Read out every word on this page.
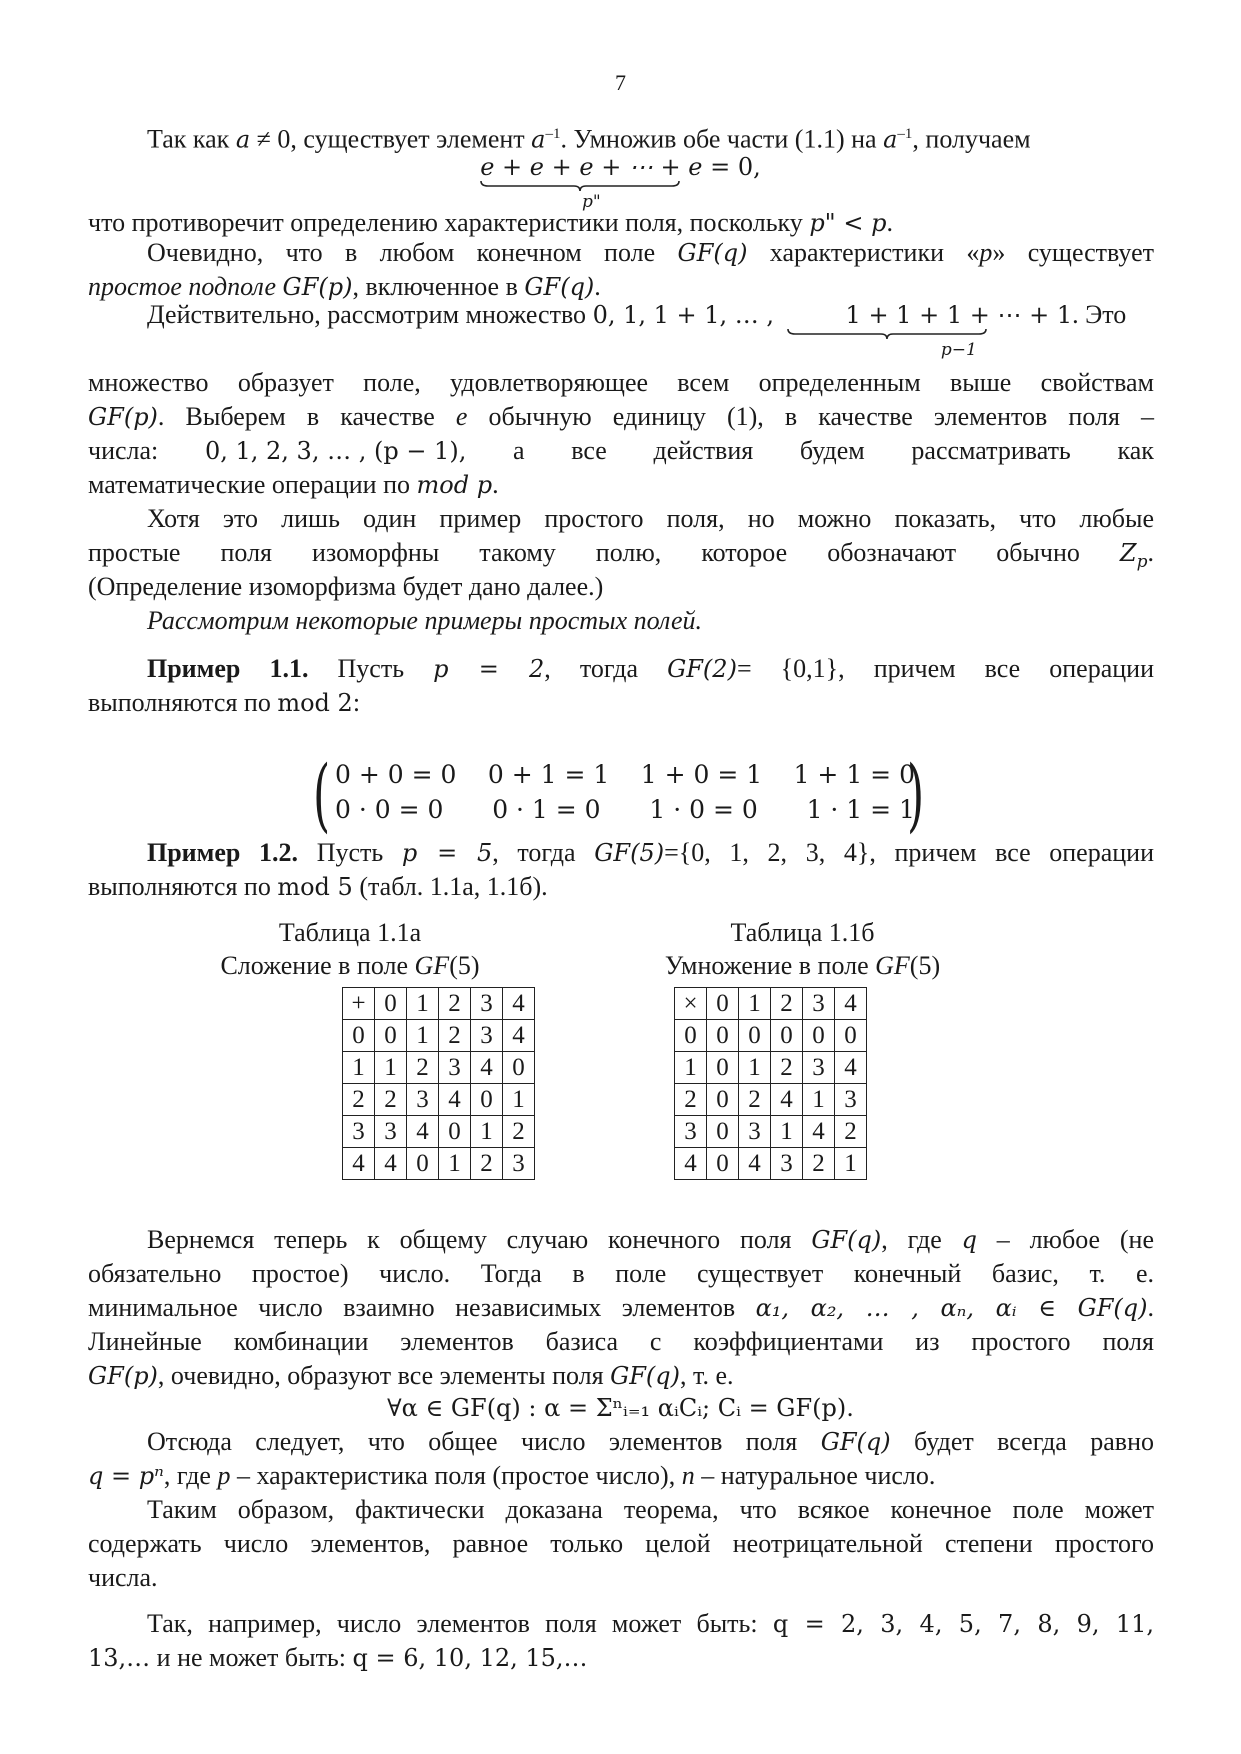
7
Так как a ≠ 0, существует элемент $a^{-1}$. Умножив обе части (1.1) на $a^{-1}$, получаем
e + e + e + ⋯ + e
p"
= 0,
что противоречит определению характеристики поля, поскольку p" < p.
Очевидно, что в любом конечном поле GF(q) характеристики «p» существует
простое подполе GF(p), включенное в GF(q).
Действительно, рассмотрим множество 0, 1, 1 + 1, … ,	1 + 1 + 1 + ⋯ + 1
p−1
. Это
множество образует поле, удовлетворяющее всем определенным выше свойствам
GF(p). Выберем в качестве e обычную единицу (1), в качестве элементов поля –
числа: 0, 1, 2, 3, … , (p − 1), а все действия будем рассматривать как
математические операции по mod p.
Хотя это лишь один пример простого поля, но можно показать, что любые
простые поля изоморфны такому полю, которое обозначают обычно $Z_p$.
(Определение изоморфизма будет дано далее.)
Рассмотрим некоторые примеры простых полей.
Пример 1.1. Пусть p = 2, тогда GF(2)= {0,1}, причем все операции
выполняются по mod 2:
(	)
0 + 0 = 0 0 + 1 = 1 1 + 0 = 1 1 + 1 = 0
0 · 0 = 0 0 · 1 = 0 1 · 0 = 0 1 · 1 = 1
Пример 1.2. Пусть p = 5, тогда GF(5)={0, 1, 2, 3, 4}, причем все операции
выполняются по mod 5 (табл. 1.1а, 1.1б).
Таблица 1.1а
Сложение в поле GF(5)
Таблица 1.1б
Умножение в поле GF(5)
+	0	1	2	3	4
0	0	1	2	3	4
1	1	2	3	4	0
2	2	3	4	0	1
3	3	4	0	1	2
4	4	0	1	2	3
×	0	1	2	3	4
0	0	0	0	0	0
1	0	1	2	3	4
2	0	2	4	1	3
3	0	3	1	4	2
4	0	4	3	2	1
Вернемся теперь к общему случаю конечного поля GF(q), где q – любое (не
обязательно простое) число. Тогда в поле существует конечный базис, т. е.
минимальное число взаимно независимых элементов α₁, α₂, … , αₙ, αᵢ ∈ GF(q).
Линейные комбинации элементов базиса с коэффициентами из простого поля
GF(p), очевидно, образуют все элементы поля GF(q), т. е.
∀α ∈ GF(q) : α = Σⁿᵢ₌₁ αᵢCᵢ; Cᵢ = GF(p).
Отсюда следует, что общее число элементов поля GF(q) будет всегда равно
q = pⁿ, где p – характеристика поля (простое число), n – натуральное число.
Таким образом, фактически доказана теорема, что всякое конечное поле может
содержать число элементов, равное только целой неотрицательной степени простого
числа.
Так, например, число элементов поля может быть: q = 2, 3, 4, 5, 7, 8, 9, 11,
13,… и не может быть: q = 6, 10, 12, 15,…
